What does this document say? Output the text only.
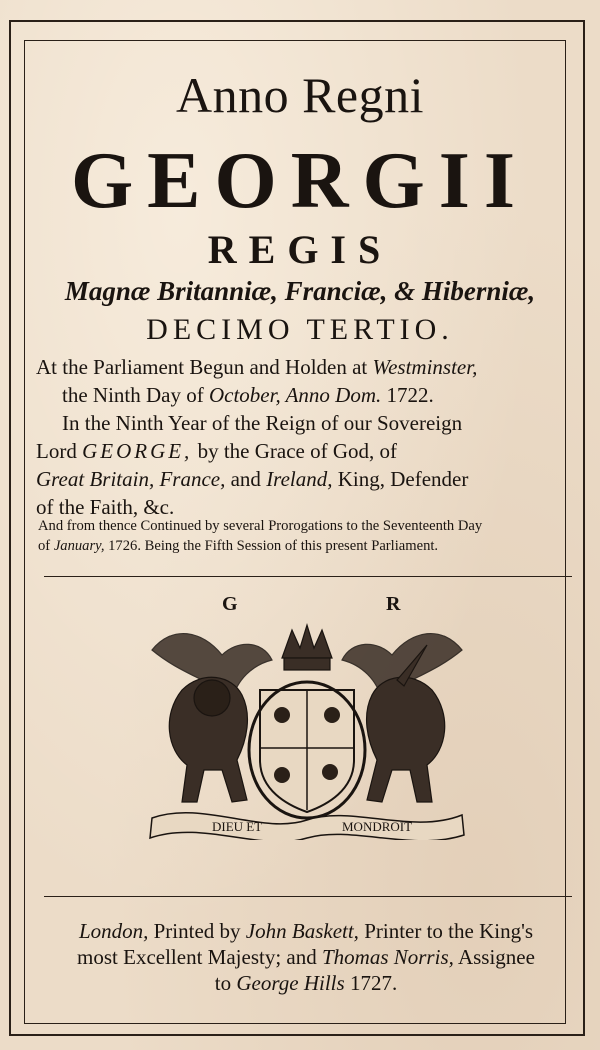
Anno Regni
GEORGII
REGIS
Magnæ Britanniæ, Franciæ, & Hiberniæ,
DECIMO TERTIO.
At the Parliament Begun and Holden at Westminster,
the Ninth Day of October, Anno Dom. 1722.
In the Ninth Year of the Reign of our Sovereign
Lord GEORGE, by the Grace of God, of
Great Britain, France, and Ireland, King, Defender
of the Faith, &c.
And from thence Continued by several Prorogations to the Seventeenth Day
of January, 1726. Being the Fifth Session of this present Parliament.
G	R
DIEU ET	MONDROIT
London, Printed by John Baskett, Printer to the King's
most Excellent Majesty; and Thomas Norris, Assignee
to George Hills 1727.
